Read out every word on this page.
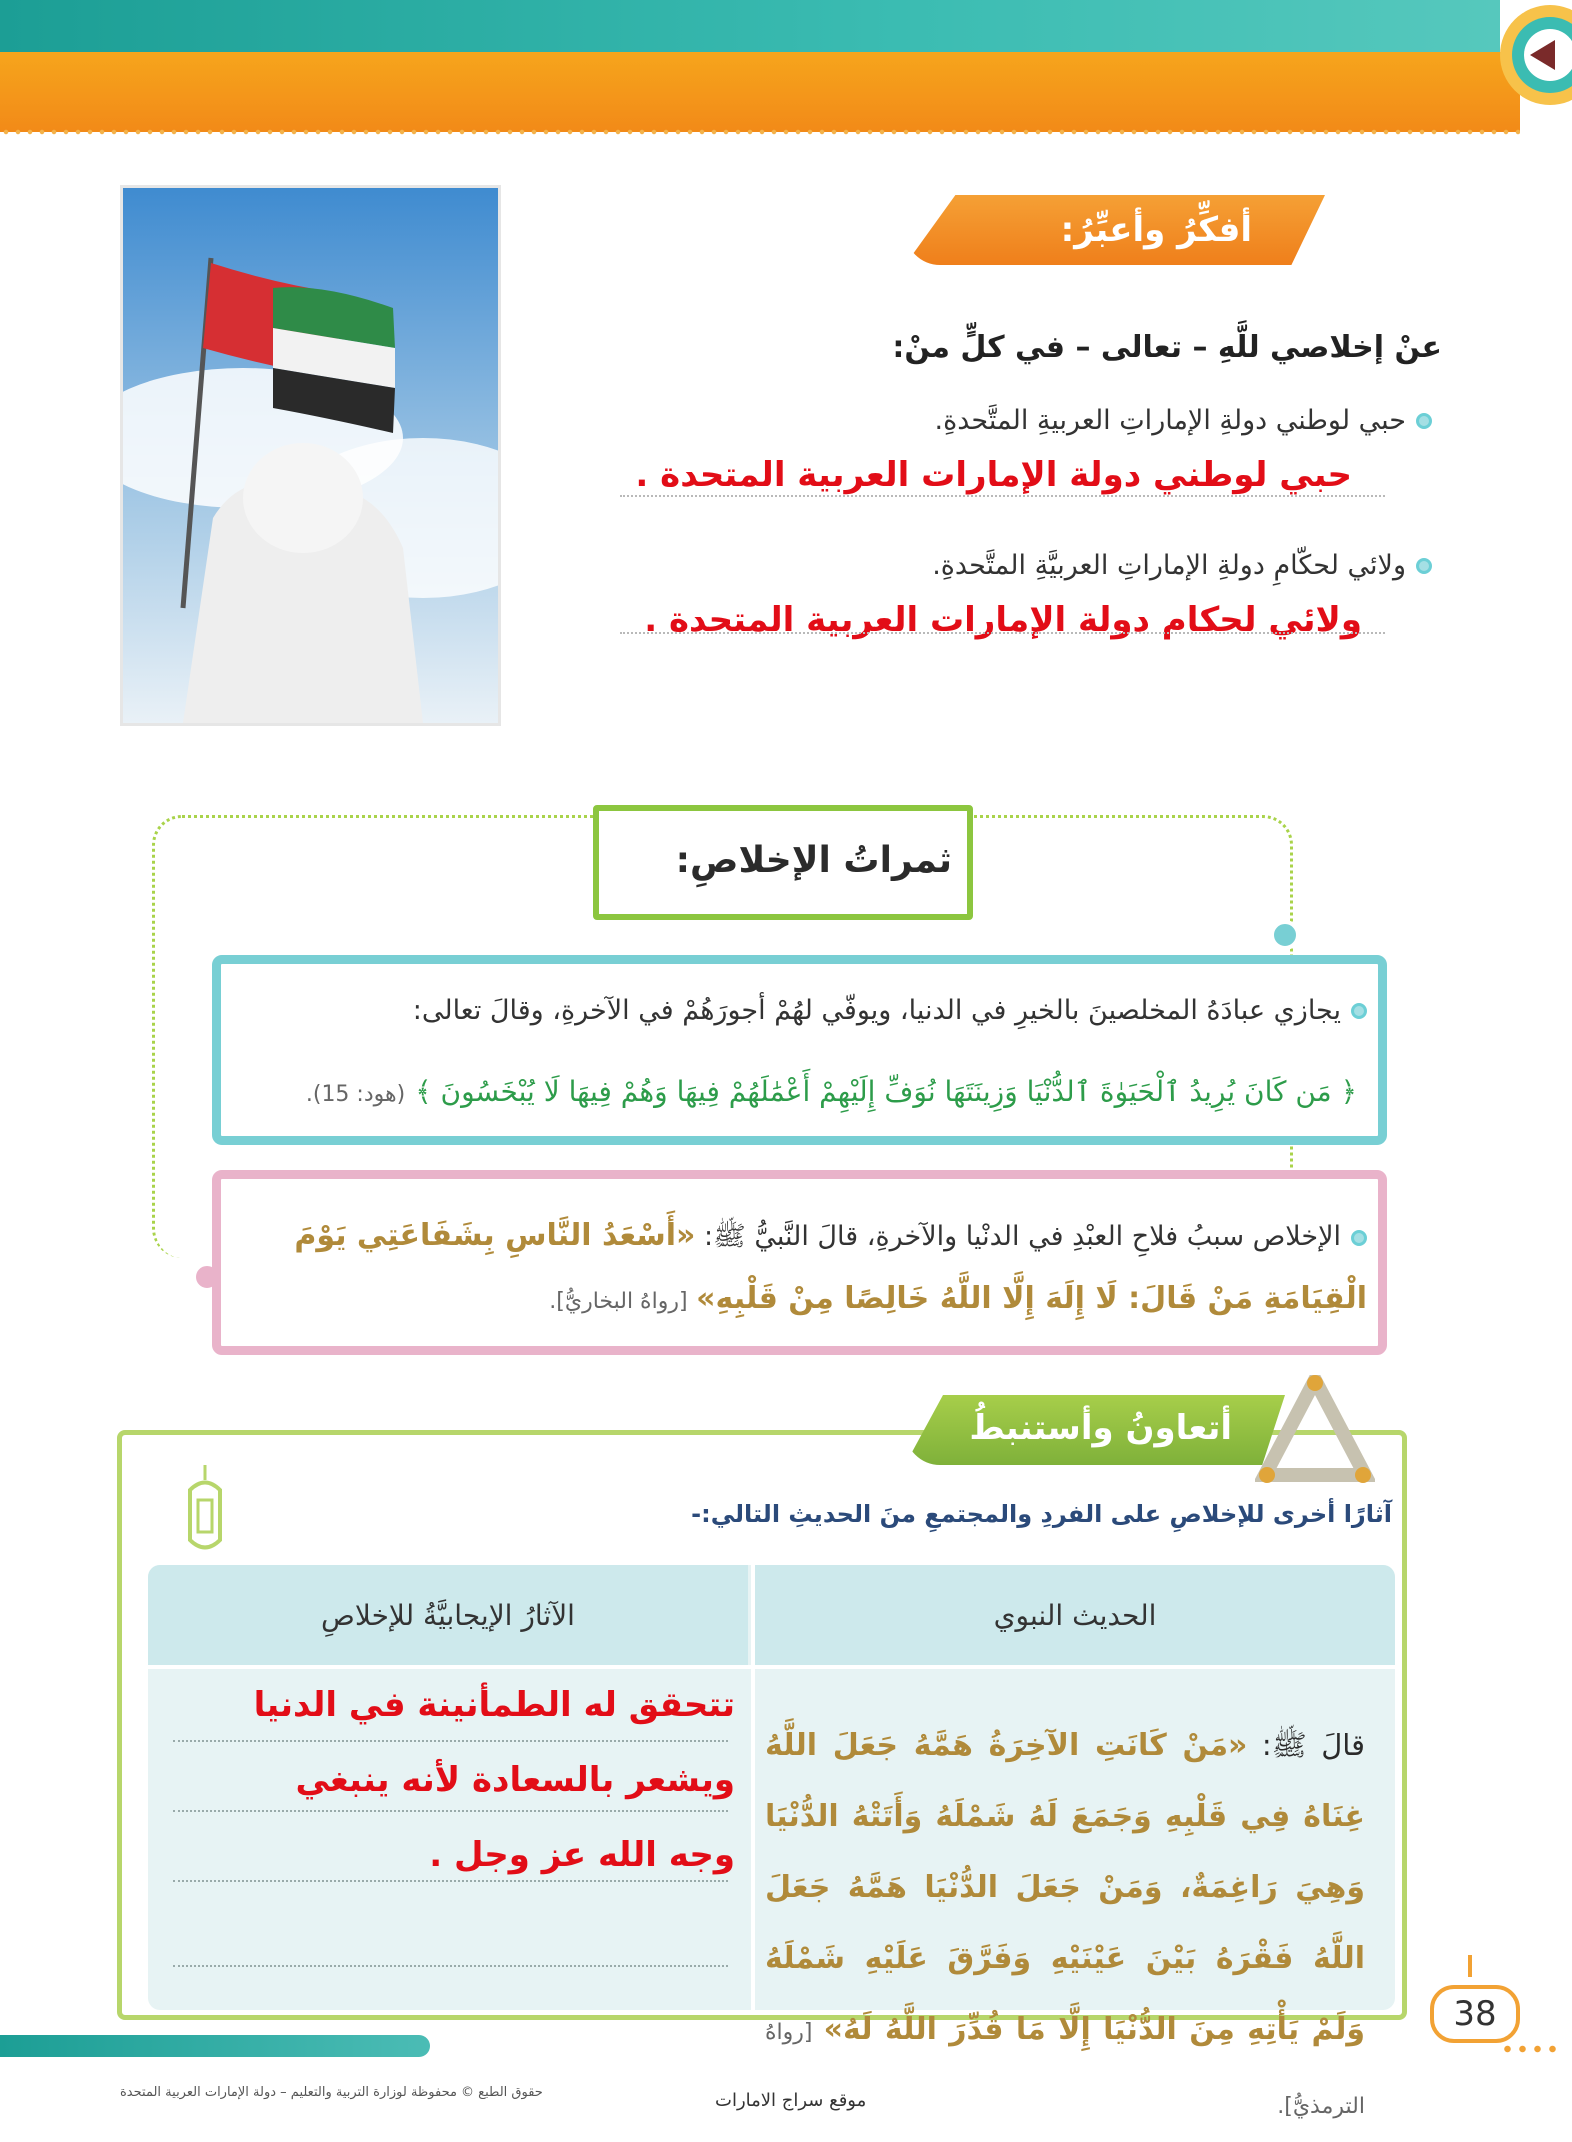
أفكِّرُ وأعبِّرُ:
عنْ إخلاصي للَّهِ – تعالى – في كلٍّ منْ:
حبي لوطني دولةِ الإماراتِ العربيةِ المتَّحدةِ.
حبي لوطني دولة الإمارات العربية المتحدة .
ولائي لحكّامِ دولةِ الإماراتِ العربيَّةِ المتَّحدةِ.
ولائي لحكام دولة الإمارات العربية المتحدة .
ثمراتُ الإخلاصِ:
يجازي عبادَهُ المخلصينَ بالخيرِ في الدنيا، ويوفّي لهُمْ أجورَهُمْ في الآخرةِ، وقالَ تعالى:
﴿ مَن كَانَ يُرِيدُ ٱلْحَيَوٰةَ ٱلدُّنْيَا وَزِينَتَهَا نُوَفِّ إِلَيْهِمْ أَعْمَٰلَهُمْ فِيهَا وَهُمْ فِيهَا لَا يُبْخَسُونَ ﴾
(هود: 15).
الإخلاص سببُ فلاحِ العبْدِ في الدنْيا والآخرةِ، قالَ النَّبيُّ ﷺ: «أَسْعَدُ النَّاسِ بِشَفَاعَتِي يَوْمَ الْقِيَامَةِ مَنْ قَالَ: لَا إِلَهَ إِلَّا اللَّهُ خَالِصًا مِنْ قَلْبِهِ» [رواهُ البخاريُّ].
أتعاونُ وأستنبطُ
آثارًا أخرى للإخلاصِ على الفردِ والمجتمعِ منَ الحديثِ التالي:-
الحديث النبوي
الآثارُ الإيجابيَّةُ للإخلاصِ
قالَ ﷺ: «مَنْ كَانَتِ الآخِرَةُ هَمَّهُ جَعَلَ اللَّهُ غِنَاهُ فِي قَلْبِهِ وَجَمَعَ لَهُ شَمْلَهُ وَأَتَتْهُ الدُّنْيَا وَهِيَ رَاغِمَةٌ، وَمَنْ جَعَلَ الدُّنْيَا هَمَّهُ جَعَلَ اللَّهُ فَقْرَهُ بَيْنَ عَيْنَيْهِ وَفَرَّقَ عَلَيْهِ شَمْلَهُ وَلَمْ يَأْتِهِ مِنَ الدُّنْيَا إِلَّا مَا قُدِّرَ اللَّهُ لَهُ» [رواهُ الترمذيُّ].
تتحقق له الطمأنينة في الدنيا
ويشعر بالسعادة لأنه ينبغي
وجه الله عز وجل .
38
موقع سراج الامارات
حقوق الطبع © محفوظة لوزارة التربية والتعليم – دولة الإمارات العربية المتحدة
